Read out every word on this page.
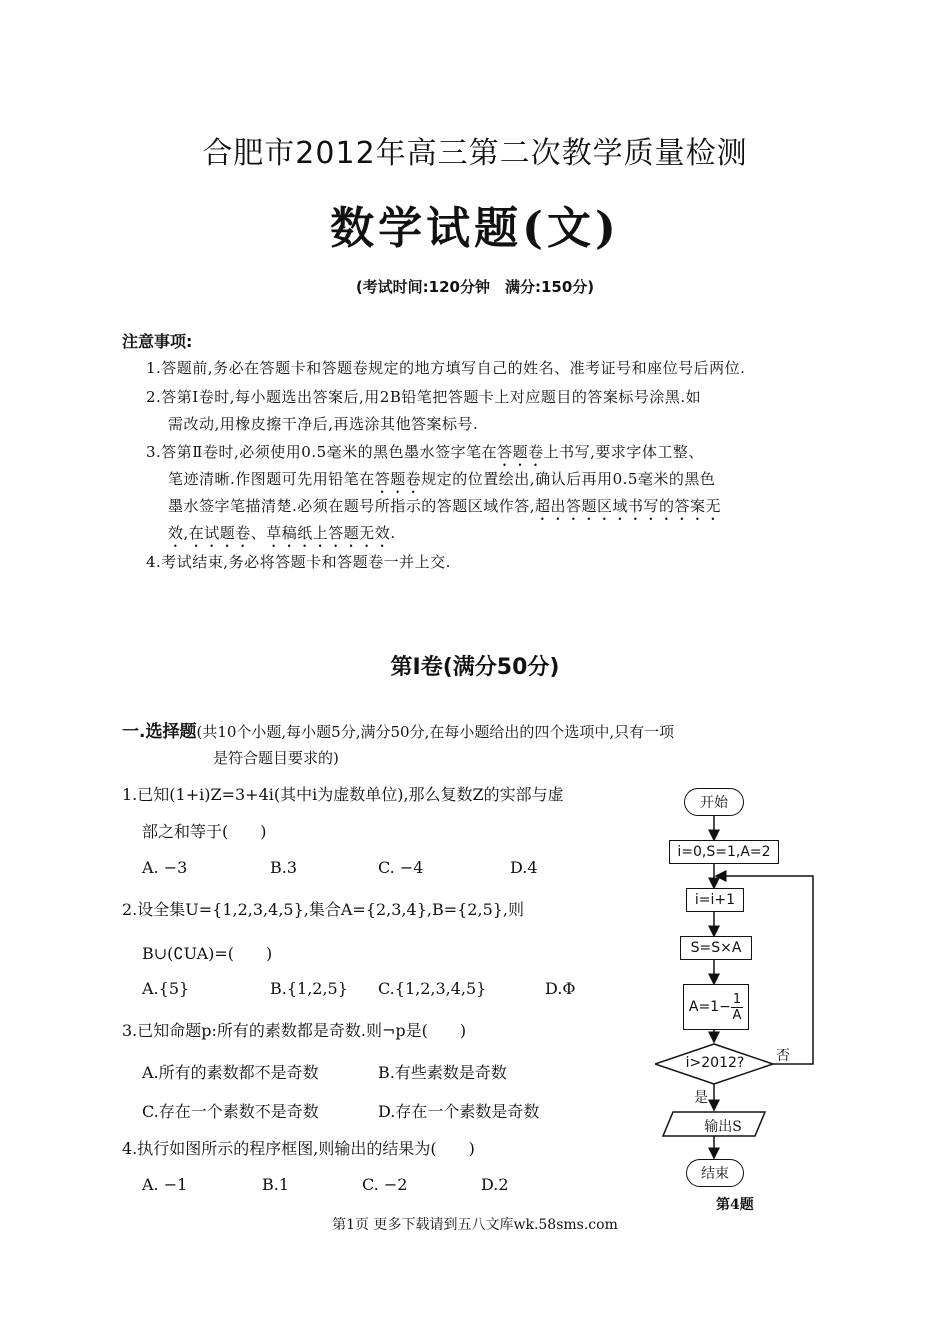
合肥市2012年高三第二次教学质量检测
数学试题(文)
(考试时间:120分钟　满分:150分)
注意事项:
1.答题前,务必在答题卡和答题卷规定的地方填写自己的姓名、准考证号和座位号后两位.
2.答第Ⅰ卷时,每小题选出答案后,用2B铅笔把答题卡上对应题目的答案标号涂黑.如
需改动,用橡皮擦干净后,再选涂其他答案标号.
3.答第Ⅱ卷时,必须使用0.5毫米的黑色墨水签字笔在答题卷上书写,要求字体工整、
笔迹清晰.作图题可先用铅笔在答题卷规定的位置绘出,确认后再用0.5毫米的黑色
墨水签字笔描清楚.必须在题号所指示的答题区域作答,超出答题区域书写的答案无
效,在试题卷、草稿纸上答题无效.
4.考试结束,务必将答题卡和答题卷一并上交.
第Ⅰ卷(满分50分)
一.选择题(共10个小题,每小题5分,满分50分,在每小题给出的四个选项中,只有一项
是符合题目要求的)
1.已知(1+i)Z=3+4i(其中i为虚数单位),那么复数Z的实部与虚
部之和等于(　　)
A. −3	B.3	C. −4	D.4
2.设全集U={1,2,3,4,5},集合A={2,3,4},B={2,5},则
B∪(∁UA)=(　　)
A.{5}	B.{1,2,5} C.{1,2,3,4,5}	D.Φ
3.已知命题p:所有的素数都是奇数.则¬p是(　　)
A.所有的素数都不是奇数	B.有些素数是奇数
C.存在一个素数不是奇数	D.存在一个素数是奇数
4.执行如图所示的程序框图,则输出的结果为(　　)
A. −1	B.1	C. −2	D.2
开始
i=0,S=1,A=2
i=i+1
S=S×A
$A=1- \frac{1}{A}$
i>2012? 否
是
输出S
结束
第4题
第1页 更多下载请到五八文库wk.58sms.com
